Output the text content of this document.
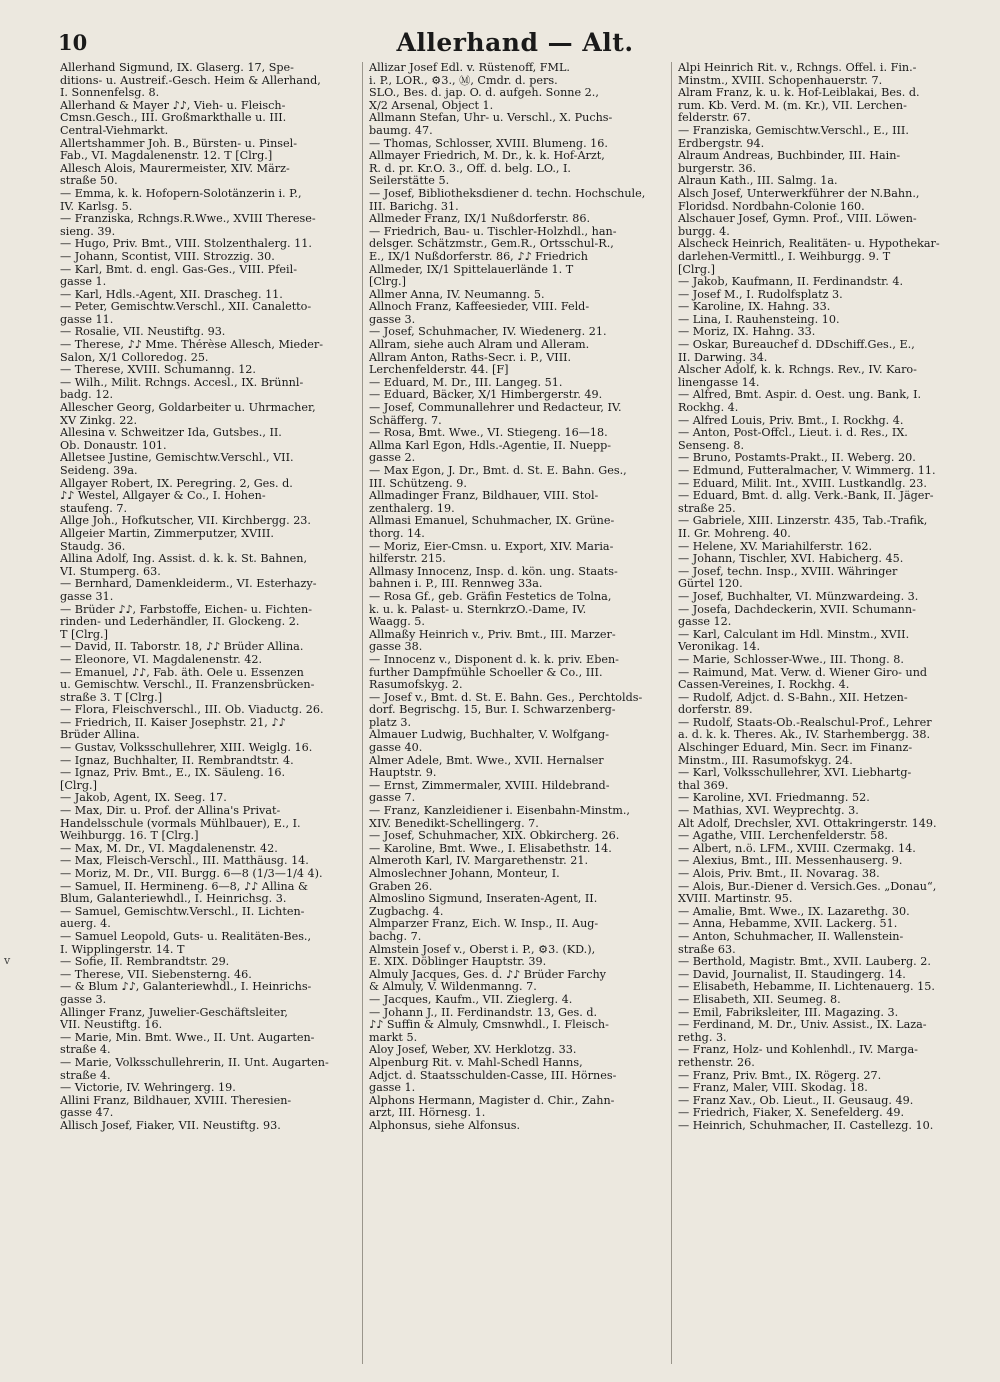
10	Allerhand — Alt.
v
Allerhand Sigmund, IX. Glaserg. 17, Spe-
ditions- u. Austreif.-Gesch. Heim & Allerhand,
I. Sonnenfelsg. 8.
Allerhand & Mayer ♪♪, Vieh- u. Fleisch-
Cmsn.Gesch., III. Großmarkthalle u. III.
Central-Viehmarkt.
Allertshammer Joh. B., Bürsten- u. Pinsel-
Fab., VI. Magdalenenstr. 12. T [Clrg.]
Allesch Alois, Maurermeister, XIV. März-
straße 50.
— Emma, k. k. Hofopern-Solotänzerin i. P.,
IV. Karlsg. 5.
— Franziska, Rchngs.R.Wwe., XVIII Therese-
sieng. 39.
— Hugo, Priv. Bmt., VIII. Stolzenthalerg. 11.
— Johann, Scontist, VIII. Strozzig. 30.
— Karl, Bmt. d. engl. Gas-Ges., VIII. Pfeil-
gasse 1.
— Karl, Hdls.-Agent, XII. Drascheg. 11.
— Peter, Gemischtw.Verschl., XII. Canaletto-
gasse 11.
— Rosalie, VII. Neustiftg. 93.
— Therese, ♪♪ Mme. Thérèse Allesch, Mieder-
Salon, X/1 Colloredog. 25.
— Therese, XVIII. Schumanng. 12.
— Wilh., Milit. Rchngs. Accesl., IX. Brünnl-
badg. 12.
Allescher Georg, Goldarbeiter u. Uhrmacher,
XV Zinkg. 22.
Allesina v. Schweitzer Ida, Gutsbes., II.
Ob. Donaustr. 101.
Alletsee Justine, Gemischtw.Verschl., VII.
Seideng. 39a.
Allgayer Robert, IX. Peregring. 2, Ges. d.
♪♪ Westel, Allgayer & Co., I. Hohen-
staufeng. 7.
Allge Joh., Hofkutscher, VII. Kirchbergg. 23.
Allgeier Martin, Zimmerputzer, XVIII.
Staudg. 36.
Allina Adolf, Ing. Assist. d. k. k. St. Bahnen,
VI. Stumperg. 63.
— Bernhard, Damenkleiderm., VI. Esterhazy-
gasse 31.
— Brüder ♪♪, Farbstoffe, Eichen- u. Fichten-
rinden- und Lederhändler, II. Glockeng. 2.
T [Clrg.]
— David, II. Taborstr. 18, ♪♪ Brüder Allina.
— Eleonore, VI. Magdalenenstr. 42.
— Emanuel, ♪♪, Fab. äth. Oele u. Essenzen
u. Gemischtw. Verschl., II. Franzensbrücken-
straße 3. T [Clrg.]
— Flora, Fleischverschl., III. Ob. Viaductg. 26.
— Friedrich, II. Kaiser Josephstr. 21, ♪♪
Brüder Allina.
— Gustav, Volksschullehrer, XIII. Weiglg. 16.
— Ignaz, Buchhalter, II. Rembrandtstr. 4.
— Ignaz, Priv. Bmt., E., IX. Säuleng. 16.
[Clrg.]
— Jakob, Agent, IX. Seeg. 17.
— Max, Dir. u. Prof. der Allina's Privat-
Handelsschule (vormals Mühlbauer), E., I.
Weihburgg. 16. T [Clrg.]
— Max, M. Dr., VI. Magdalenenstr. 42.
— Max, Fleisch-Verschl., III. Matthäusg. 14.
— Moriz, M. Dr., VII. Burgg. 6—8 (1/3—1/4 4).
— Samuel, II. Hermineng. 6—8, ♪♪ Allina &
Blum, Galanteriewhdl., I. Heinrichsg. 3.
— Samuel, Gemischtw.Verschl., II. Lichten-
auerg. 4.
— Samuel Leopold, Guts- u. Realitäten-Bes.,
I. Wipplingerstr. 14. T
— Sofie, II. Rembrandtstr. 29.
— Therese, VII. Siebensterng. 46.
— & Blum ♪♪, Galanteriewhdl., I. Heinrichs-
gasse 3.
Allinger Franz, Juwelier-Geschäftsleiter,
VII. Neustiftg. 16.
— Marie, Min. Bmt. Wwe., II. Unt. Augarten-
straße 4.
— Marie, Volksschullehrerin, II. Unt. Augarten-
straße 4.
— Victorie, IV. Wehringerg. 19.
Allini Franz, Bildhauer, XVIII. Theresien-
gasse 47.
Allisch Josef, Fiaker, VII. Neustiftg. 93.
Allizar Josef Edl. v. Rüstenoff, FML.
i. P., LOR., ⚙3., Ⓜ, Cmdr. d. pers.
SLO., Bes. d. jap. O. d. aufgeh. Sonne 2.,
X/2 Arsenal, Object 1.
Allmann Stefan, Uhr- u. Verschl., X. Puchs-
baumg. 47.
— Thomas, Schlosser, XVIII. Blumeng. 16.
Allmayer Friedrich, M. Dr., k. k. Hof-Arzt,
R. d. pr. Kr.O. 3., Off. d. belg. LO., I.
Seilerstätte 5.
— Josef, Bibliotheksdiener d. techn. Hochschule,
III. Barichg. 31.
Allmeder Franz, IX/1 Nußdorferstr. 86.
— Friedrich, Bau- u. Tischler-Holzhdl., han-
delsger. Schätzmstr., Gem.R., Ortsschul-R.,
E., IX/1 Nußdorferstr. 86, ♪♪ Friedrich
Allmeder, IX/1 Spittelauerlände 1. T
[Clrg.]
Allmer Anna, IV. Neumanng. 5.
Allnoch Franz, Kaffeesieder, VIII. Feld-
gasse 3.
— Josef, Schuhmacher, IV. Wiedenerg. 21.
Allram, siehe auch Alram und Alleram.
Allram Anton, Raths-Secr. i. P., VIII.
Lerchenfelderstr. 44. [F]
— Eduard, M. Dr., III. Langeg. 51.
— Eduard, Bäcker, X/1 Himbergerstr. 49.
— Josef, Communallehrer und Redacteur, IV.
Schäfferg. 7.
— Rosa, Bmt. Wwe., VI. Stiegeng. 16—18.
Allma Karl Egon, Hdls.-Agentie, II. Nuepp-
gasse 2.
— Max Egon, J. Dr., Bmt. d. St. E. Bahn. Ges.,
III. Schützeng. 9.
Allmadinger Franz, Bildhauer, VIII. Stol-
zenthalerg. 19.
Allmasi Emanuel, Schuhmacher, IX. Grüne-
thorg. 14.
— Moriz, Eier-Cmsn. u. Export, XIV. Maria-
hilferstr. 215.
Allmasy Innocenz, Insp. d. kön. ung. Staats-
bahnen i. P., III. Rennweg 33a.
— Rosa Gf., geb. Gräfin Festetics de Tolna,
k. u. k. Palast- u. SternkrzO.-Dame, IV.
Waagg. 5.
Allmaßy Heinrich v., Priv. Bmt., III. Marzer-
gasse 38.
— Innocenz v., Disponent d. k. k. priv. Eben-
further Dampfmühle Schoeller & Co., III.
Rasumofskyg. 2.
— Josef v., Bmt. d. St. E. Bahn. Ges., Perchtolds-
dorf. Begrischg. 15, Bur. I. Schwarzenberg-
platz 3.
Almauer Ludwig, Buchhalter, V. Wolfgang-
gasse 40.
Almer Adele, Bmt. Wwe., XVII. Hernalser
Hauptstr. 9.
— Ernst, Zimmermaler, XVIII. Hildebrand-
gasse 7.
— Franz, Kanzleidiener i. Eisenbahn-Minstm.,
XIV. Benedikt-Schellingerg. 7.
— Josef, Schuhmacher, XIX. Obkircherg. 26.
— Karoline, Bmt. Wwe., I. Elisabethstr. 14.
Almeroth Karl, IV. Margarethenstr. 21.
Almoslechner Johann, Monteur, I.
Graben 26.
Almoslino Sigmund, Inseraten-Agent, II.
Zugbachg. 4.
Almparzer Franz, Eich. W. Insp., II. Aug-
bachg. 7.
Almstein Josef v., Oberst i. P., ⚙3. (KD.),
E. XIX. Döblinger Hauptstr. 39.
Almuly Jacques, Ges. d. ♪♪ Brüder Farchy
& Almuly, V. Wildenmanng. 7.
— Jacques, Kaufm., VII. Zieglerg. 4.
— Johann J., II. Ferdinandstr. 13, Ges. d.
♪♪ Suffin & Almuly, Cmsnwhdl., I. Fleisch-
markt 5.
Aloy Josef, Weber, XV. Herklotzg. 33.
Alpenburg Rit. v. Mahl-Schedl Hanns,
Adjct. d. Staatsschulden-Casse, III. Hörnes-
gasse 1.
Alphons Hermann, Magister d. Chir., Zahn-
arzt, III. Hörnesg. 1.
Alphonsus, siehe Alfonsus.
Alpi Heinrich Rit. v., Rchngs. Offel. i. Fin.-
Minstm., XVIII. Schopenhauerstr. 7.
Alram Franz, k. u. k. Hof-Leiblakai, Bes. d.
rum. Kb. Verd. M. (m. Kr.), VII. Lerchen-
felderstr. 67.
— Franziska, Gemischtw.Verschl., E., III.
Erdbergstr. 94.
Alraum Andreas, Buchbinder, III. Hain-
burgerstr. 36.
Alraun Kath., III. Salmg. 1a.
Alsch Josef, Unterwerkführer der N.Bahn.,
Floridsd. Nordbahn-Colonie 160.
Alschauer Josef, Gymn. Prof., VIII. Löwen-
burgg. 4.
Alscheck Heinrich, Realitäten- u. Hypothekar-
darlehen-Vermittl., I. Weihburgg. 9. T
[Clrg.]
— Jakob, Kaufmann, II. Ferdinandstr. 4.
— Josef M., I. Rudolfsplatz 3.
— Karoline, IX. Hahng. 33.
— Lina, I. Rauhensteing. 10.
— Moriz, IX. Hahng. 33.
— Oskar, Bureauchef d. DDschiff.Ges., E.,
II. Darwing. 34.
Alscher Adolf, k. k. Rchngs. Rev., IV. Karo-
linengasse 14.
— Alfred, Bmt. Aspir. d. Oest. ung. Bank, I.
Rockhg. 4.
— Alfred Louis, Priv. Bmt., I. Rockhg. 4.
— Anton, Post-Offcl., Lieut. i. d. Res., IX.
Senseng. 8.
— Bruno, Postamts-Prakt., II. Weberg. 20.
— Edmund, Futteralmacher, V. Wimmerg. 11.
— Eduard, Milit. Int., XVIII. Lustkandlg. 23.
— Eduard, Bmt. d. allg. Verk.-Bank, II. Jäger-
straße 25.
— Gabriele, XIII. Linzerstr. 435, Tab.-Trafik,
II. Gr. Mohreng. 40.
— Helene, XV. Mariahilferstr. 162.
— Johann, Tischler, XVI. Habicherg. 45.
— Josef, techn. Insp., XVIII. Währinger
Gürtel 120.
— Josef, Buchhalter, VI. Münzwardeing. 3.
— Josefa, Dachdeckerin, XVII. Schumann-
gasse 12.
— Karl, Calculant im Hdl. Minstm., XVII.
Veronikag. 14.
— Marie, Schlosser-Wwe., III. Thong. 8.
— Raimund, Mat. Verw. d. Wiener Giro- und
Cassen-Vereines, I. Rockhg. 4.
— Rudolf, Adjct. d. S-Bahn., XII. Hetzen-
dorferstr. 89.
— Rudolf, Staats-Ob.-Realschul-Prof., Lehrer
a. d. k. k. Theres. Ak., IV. Starhembergg. 38.
Alschinger Eduard, Min. Secr. im Finanz-
Minstm., III. Rasumofskyg. 24.
— Karl, Volksschullehrer, XVI. Liebhartg-
thal 369.
— Karoline, XVI. Friedmanng. 52.
— Mathias, XVI. Weyprechtg. 3.
Alt Adolf, Drechsler, XVI. Ottakringerstr. 149.
— Agathe, VIII. Lerchenfelderstr. 58.
— Albert, n.ö. LFM., XVIII. Czermakg. 14.
— Alexius, Bmt., III. Messenhauserg. 9.
— Alois, Priv. Bmt., II. Novarag. 38.
— Alois, Bur.-Diener d. Versich.Ges. „Donau“,
XVIII. Martinstr. 95.
— Amalie, Bmt. Wwe., IX. Lazarethg. 30.
— Anna, Hebamme, XVII. Lackerg. 51.
— Anton, Schuhmacher, II. Wallenstein-
straße 63.
— Berthold, Magistr. Bmt., XVII. Lauberg. 2.
— David, Journalist, II. Staudingerg. 14.
— Elisabeth, Hebamme, II. Lichtenauerg. 15.
— Elisabeth, XII. Seumeg. 8.
— Emil, Fabriksleiter, III. Magazing. 3.
— Ferdinand, M. Dr., Univ. Assist., IX. Laza-
rethg. 3.
— Franz, Holz- und Kohlenhdl., IV. Marga-
rethenstr. 26.
— Franz, Priv. Bmt., IX. Rögerg. 27.
— Franz, Maler, VIII. Skodag. 18.
— Franz Xav., Ob. Lieut., II. Geusaug. 49.
— Friedrich, Fiaker, X. Senefelderg. 49.
— Heinrich, Schuhmacher, II. Castellezg. 10.
